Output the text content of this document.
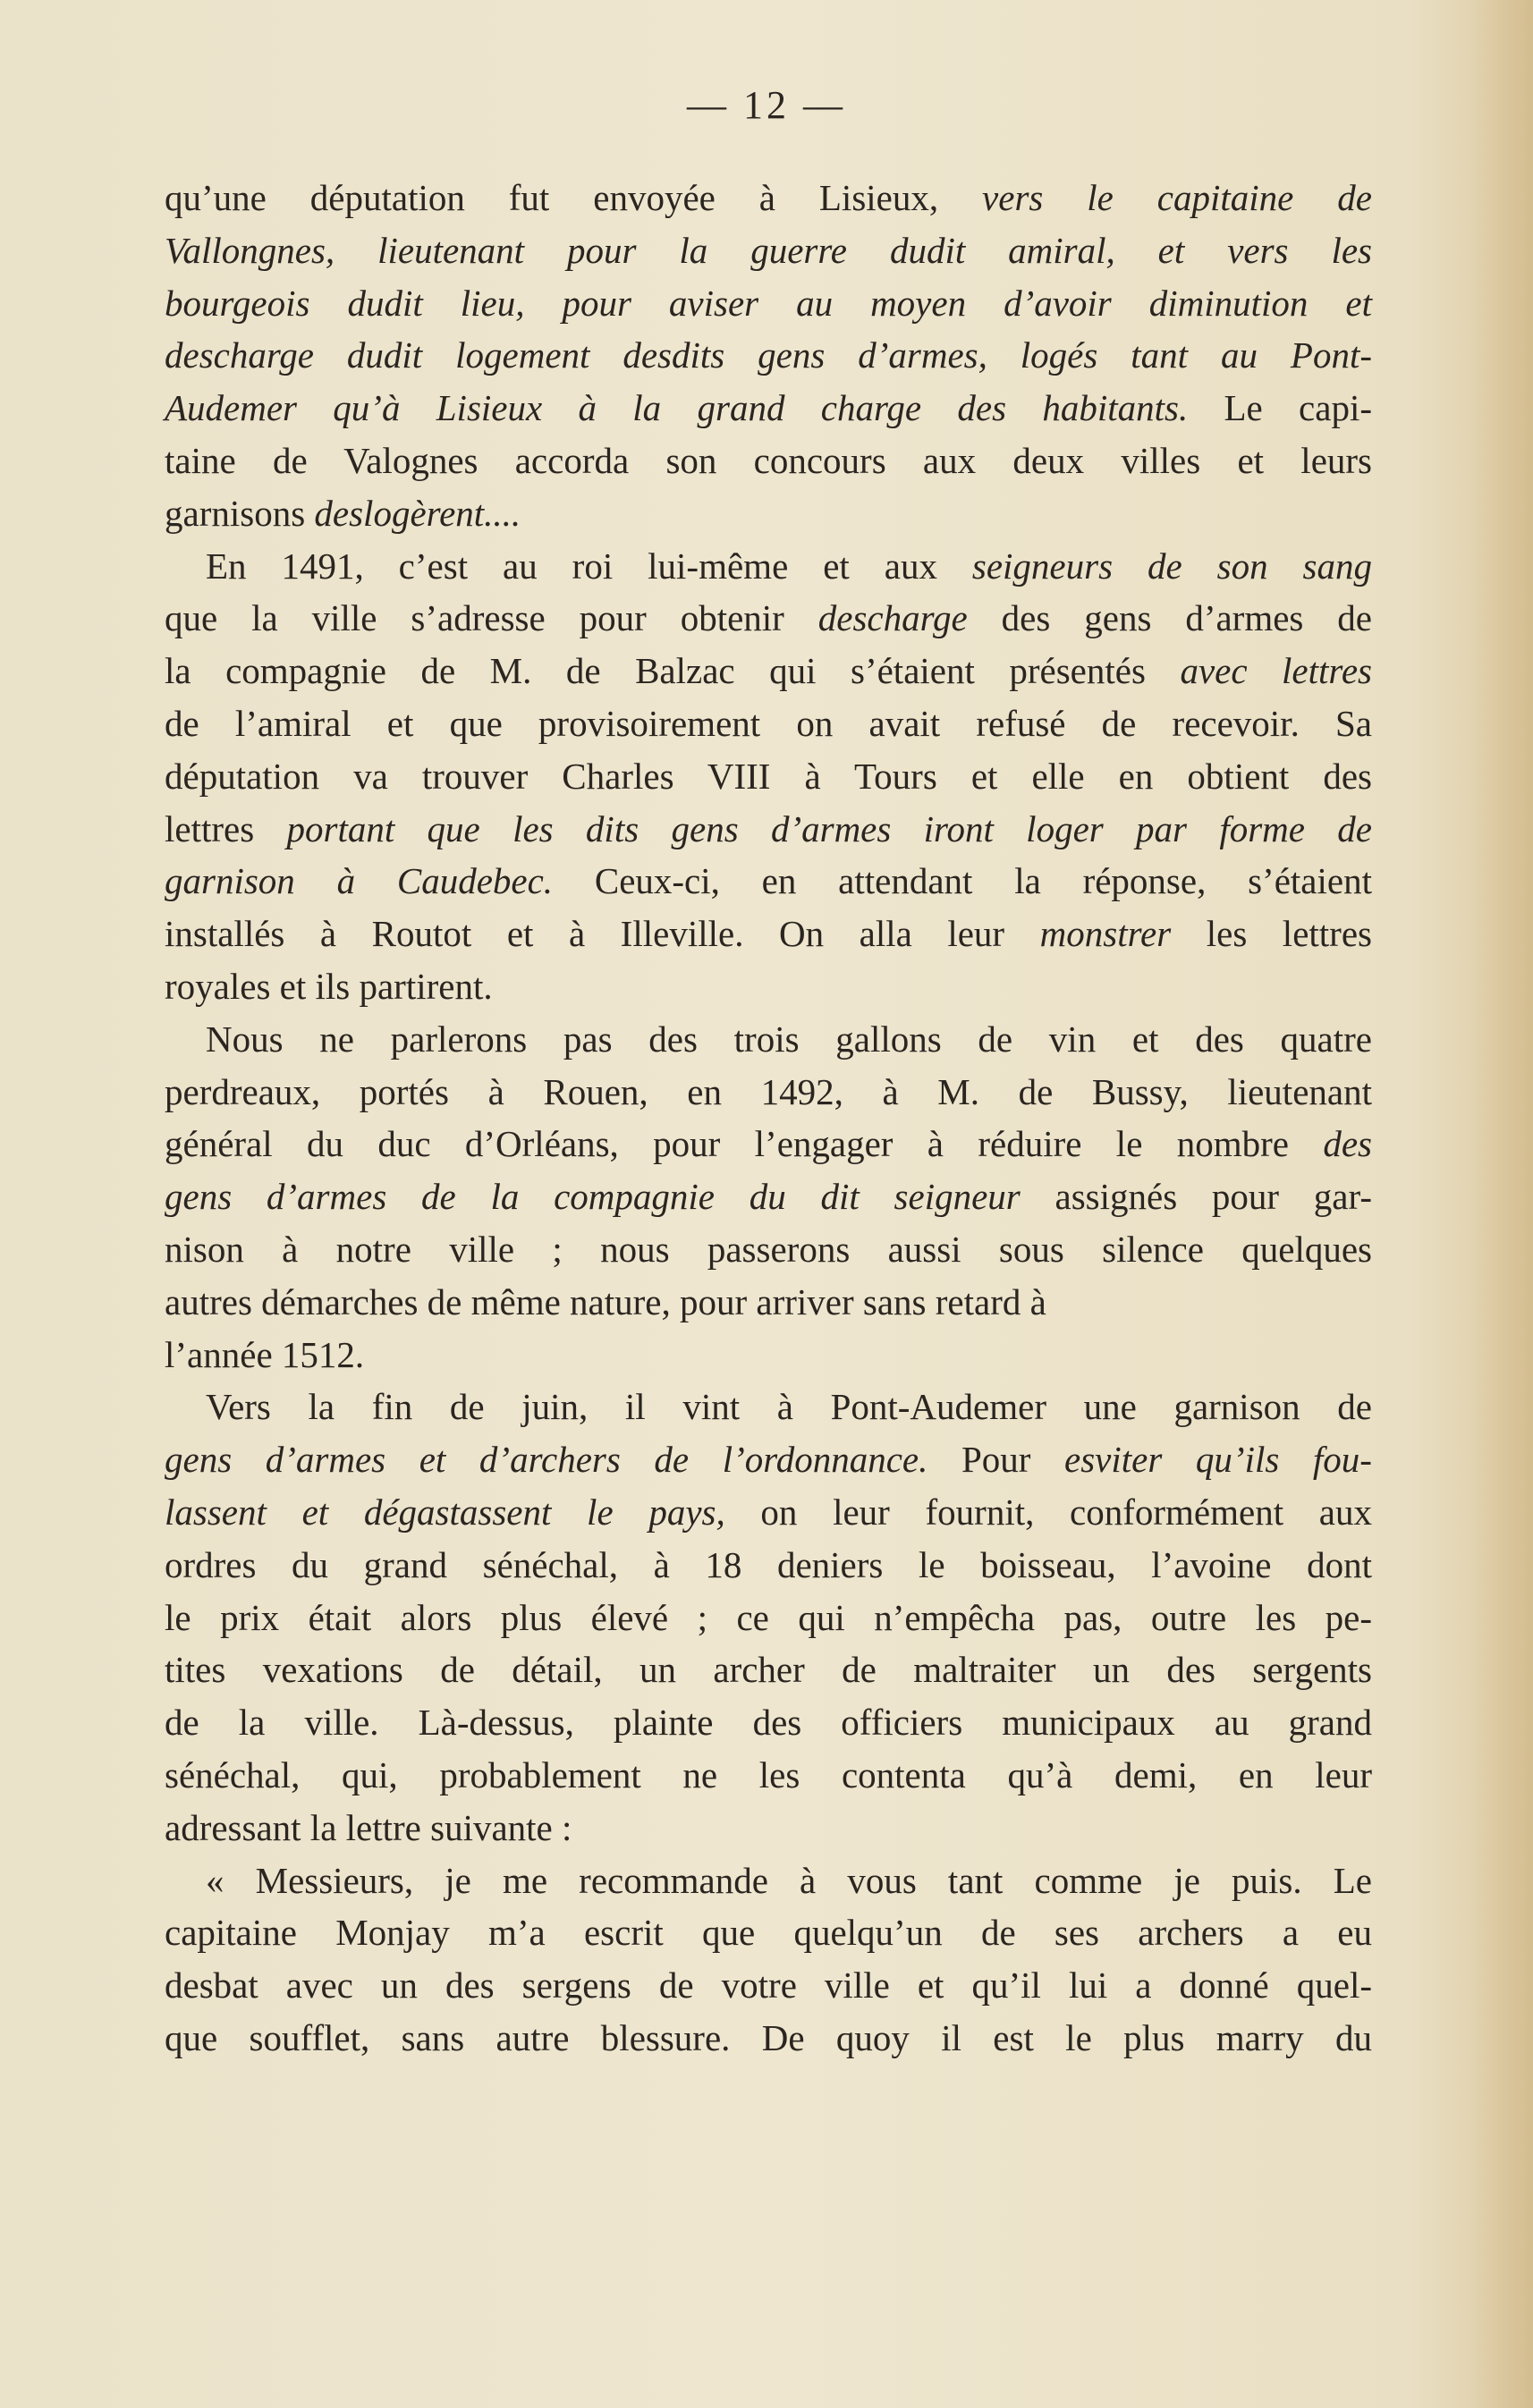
— 12 —
qu’une députation fut envoyée à Lisieux, vers le capitaine de
Vallongnes, lieutenant pour la guerre dudit amiral, et vers les
bourgeois dudit lieu, pour aviser au moyen d’avoir diminution et
descharge dudit logement desdits gens d’armes, logés tant au Pont-
Audemer qu’à Lisieux à la grand charge des habitants. Le capi-
taine de Valognes accorda son concours aux deux villes et leurs
garnisons deslogèrent....
En 1491, c’est au roi lui-même et aux seigneurs de son sang
que la ville s’adresse pour obtenir descharge des gens d’armes de
la compagnie de M. de Balzac qui s’étaient présentés avec lettres
de l’amiral et que provisoirement on avait refusé de recevoir. Sa
députation va trouver Charles VIII à Tours et elle en obtient des
lettres portant que les dits gens d’armes iront loger par forme de
garnison à Caudebec. Ceux-ci, en attendant la réponse, s’étaient
installés à Routot et à Illeville. On alla leur monstrer les lettres
royales et ils partirent.
Nous ne parlerons pas des trois gallons de vin et des quatre
perdreaux, portés à Rouen, en 1492, à M. de Bussy, lieutenant
général du duc d’Orléans, pour l’engager à réduire le nombre des
gens d’armes de la compagnie du dit seigneur assignés pour gar-
nison à notre ville ; nous passerons aussi sous silence quelques
autres démarches de même nature, pour arriver sans retard à
l’année 1512.
Vers la fin de juin, il vint à Pont-Audemer une garnison de
gens d’armes et d’archers de l’ordonnance. Pour esviter qu’ils fou-
lassent et dégastassent le pays, on leur fournit, conformément aux
ordres du grand sénéchal, à 18 deniers le boisseau, l’avoine dont
le prix était alors plus élevé ; ce qui n’empêcha pas, outre les pe-
tites vexations de détail, un archer de maltraiter un des sergents
de la ville. Là-dessus, plainte des officiers municipaux au grand
sénéchal, qui, probablement ne les contenta qu’à demi, en leur
adressant la lettre suivante :
« Messieurs, je me recommande à vous tant comme je puis. Le
capitaine Monjay m’a escrit que quelqu’un de ses archers a eu
desbat avec un des sergens de votre ville et qu’il lui a donné quel-
que soufflet, sans autre blessure. De quoy il est le plus marry du
